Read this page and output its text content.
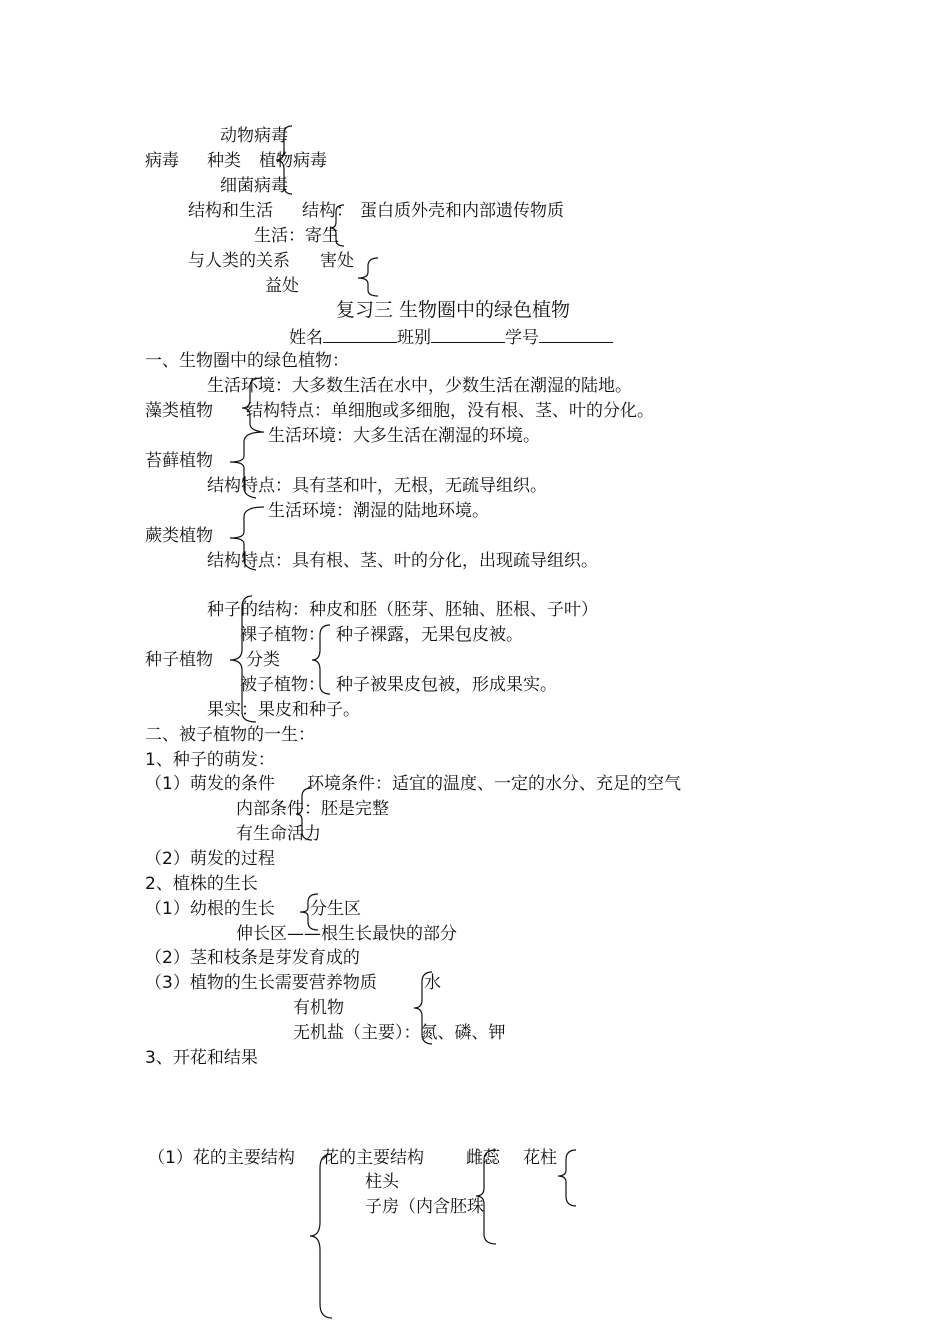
动物病毒
病毒 种类 植物病毒
细菌病毒
结构和生活 结构： 蛋白质外壳和内部遗传物质
生活：寄生
与人类的关系 害处
益处
复习三 生物圈中的绿色植物
姓名	班别	学号
一、生物圈中的绿色植物：
生活环境：大多数生活在水中，少数生活在潮湿的陆地。
藻类植物 结构特点：单细胞或多细胞，没有根、茎、叶的分化。
生活环境：大多生活在潮湿的环境。
苔藓植物
结构特点：具有茎和叶，无根，无疏导组织。
生活环境：潮湿的陆地环境。
蕨类植物
结构特点：具有根、茎、叶的分化，出现疏导组织。
种子的结构：种皮和胚（胚芽、胚轴、胚根、子叶）
裸子植物： 种子裸露，无果包皮被。
种子植物 分类
被子植物： 种子被果皮包被，形成果实。
果实：果皮和种子。
二、被子植物的一生：
1、种子的萌发：
（1）萌发的条件 环境条件：适宜的温度、一定的水分、充足的空气
内部条件：胚是完整
有生命活力
（2）萌发的过程
2、植株的生长
（1）幼根的生长 分生区
伸长区——根生长最快的部分
（2）茎和枝条是芽发育成的
（3）植物的生长需要营养物质	水
有机物
无机盐（主要）：氮、磷、钾
3、开花和结果
（1）花的主要结构 花的主要结构 雌蕊 花柱
柱头
子房（内含胚珠
